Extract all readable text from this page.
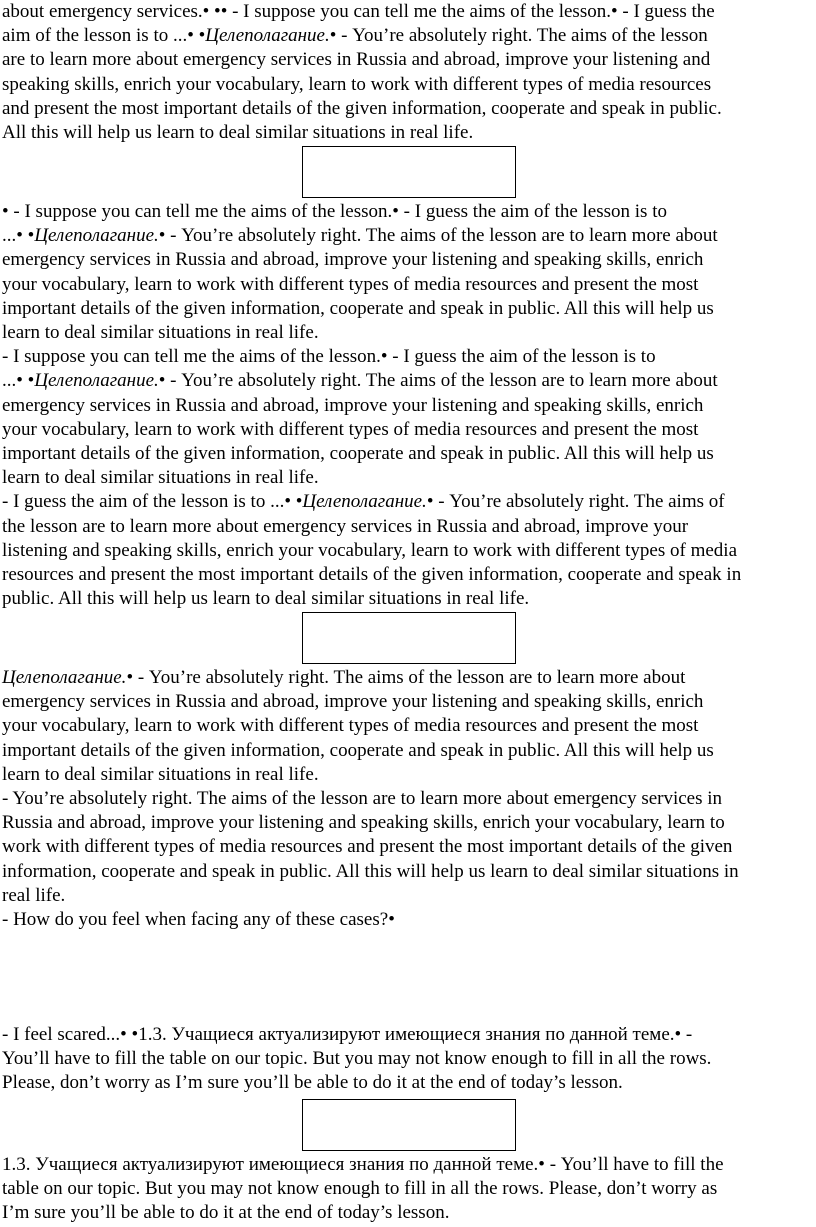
about emergency services.• •• - I suppose you can tell me the aims of the lesson.• - I guess the
aim of the lesson is to ...• •Целеполагание.• - You’re absolutely right. The aims of the lesson
are to learn more about emergency services in Russia and abroad, improve your listening and
speaking skills, enrich your vocabulary, learn to work with different types of media resources
and present the most important details of the given information, cooperate and speak in public.
All this will help us learn to deal similar situations in real life.
• - I suppose you can tell me the aims of the lesson.• - I guess the aim of the lesson is to
...• •Целеполагание.• - You’re absolutely right. The aims of the lesson are to learn more about
emergency services in Russia and abroad, improve your listening and speaking skills, enrich
your vocabulary, learn to work with different types of media resources and present the most
important details of the given information, cooperate and speak in public. All this will help us
learn to deal similar situations in real life.
- I suppose you can tell me the aims of the lesson.• - I guess the aim of the lesson is to
...• •Целеполагание.• - You’re absolutely right. The aims of the lesson are to learn more about
emergency services in Russia and abroad, improve your listening and speaking skills, enrich
your vocabulary, learn to work with different types of media resources and present the most
important details of the given information, cooperate and speak in public. All this will help us
learn to deal similar situations in real life.
- I guess the aim of the lesson is to ...• •Целеполагание.• - You’re absolutely right. The aims of
the lesson are to learn more about emergency services in Russia and abroad, improve your
listening and speaking skills, enrich your vocabulary, learn to work with different types of media
resources and present the most important details of the given information, cooperate and speak in
public. All this will help us learn to deal similar situations in real life.
Целеполагание.• - You’re absolutely right. The aims of the lesson are to learn more about
emergency services in Russia and abroad, improve your listening and speaking skills, enrich
your vocabulary, learn to work with different types of media resources and present the most
important details of the given information, cooperate and speak in public. All this will help us
learn to deal similar situations in real life.
- You’re absolutely right. The aims of the lesson are to learn more about emergency services in
Russia and abroad, improve your listening and speaking skills, enrich your vocabulary, learn to
work with different types of media resources and present the most important details of the given
information, cooperate and speak in public. All this will help us learn to deal similar situations in
real life.
- How do you feel when facing any of these cases?•
- I feel scared...• •1.3. Учащиеся актуализируют имеющиеся знания по данной теме.• -
You’ll have to fill the table on our topic. But you may not know enough to fill in all the rows.
Please, don’t worry as I’m sure you’ll be able to do it at the end of today’s lesson.
1.3. Учащиеся актуализируют имеющиеся знания по данной теме.• - You’ll have to fill the
table on our topic. But you may not know enough to fill in all the rows. Please, don’t worry as
I’m sure you’ll be able to do it at the end of today’s lesson.
